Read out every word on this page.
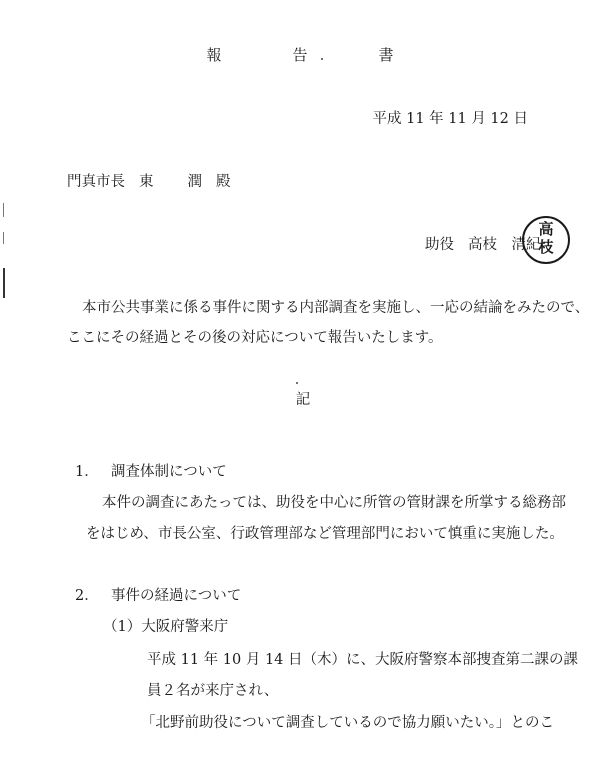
報　告　書
平成 11 年 11 月 12 日
門真市長 東 潤 殿
助役 高枝　清紀
高
枝
本市公共事業に係る事件に関する内部調査を実施し、一応の結論をみたので、
ここにその経過とその後の対応について報告いたします。
記
1． 調査体制について
本件の調査にあたっては、助役を中心に所管の管財課を所掌する総務部
をはじめ、市長公室、行政管理部など管理部門において慎重に実施した。
2． 事件の経過について
（1）大阪府警来庁
平成 11 年 10 月 14 日（木）に、大阪府警察本部捜査第二課の課
員２名が来庁され、
「北野前助役について調査しているので協力願いたい。」とのこ
